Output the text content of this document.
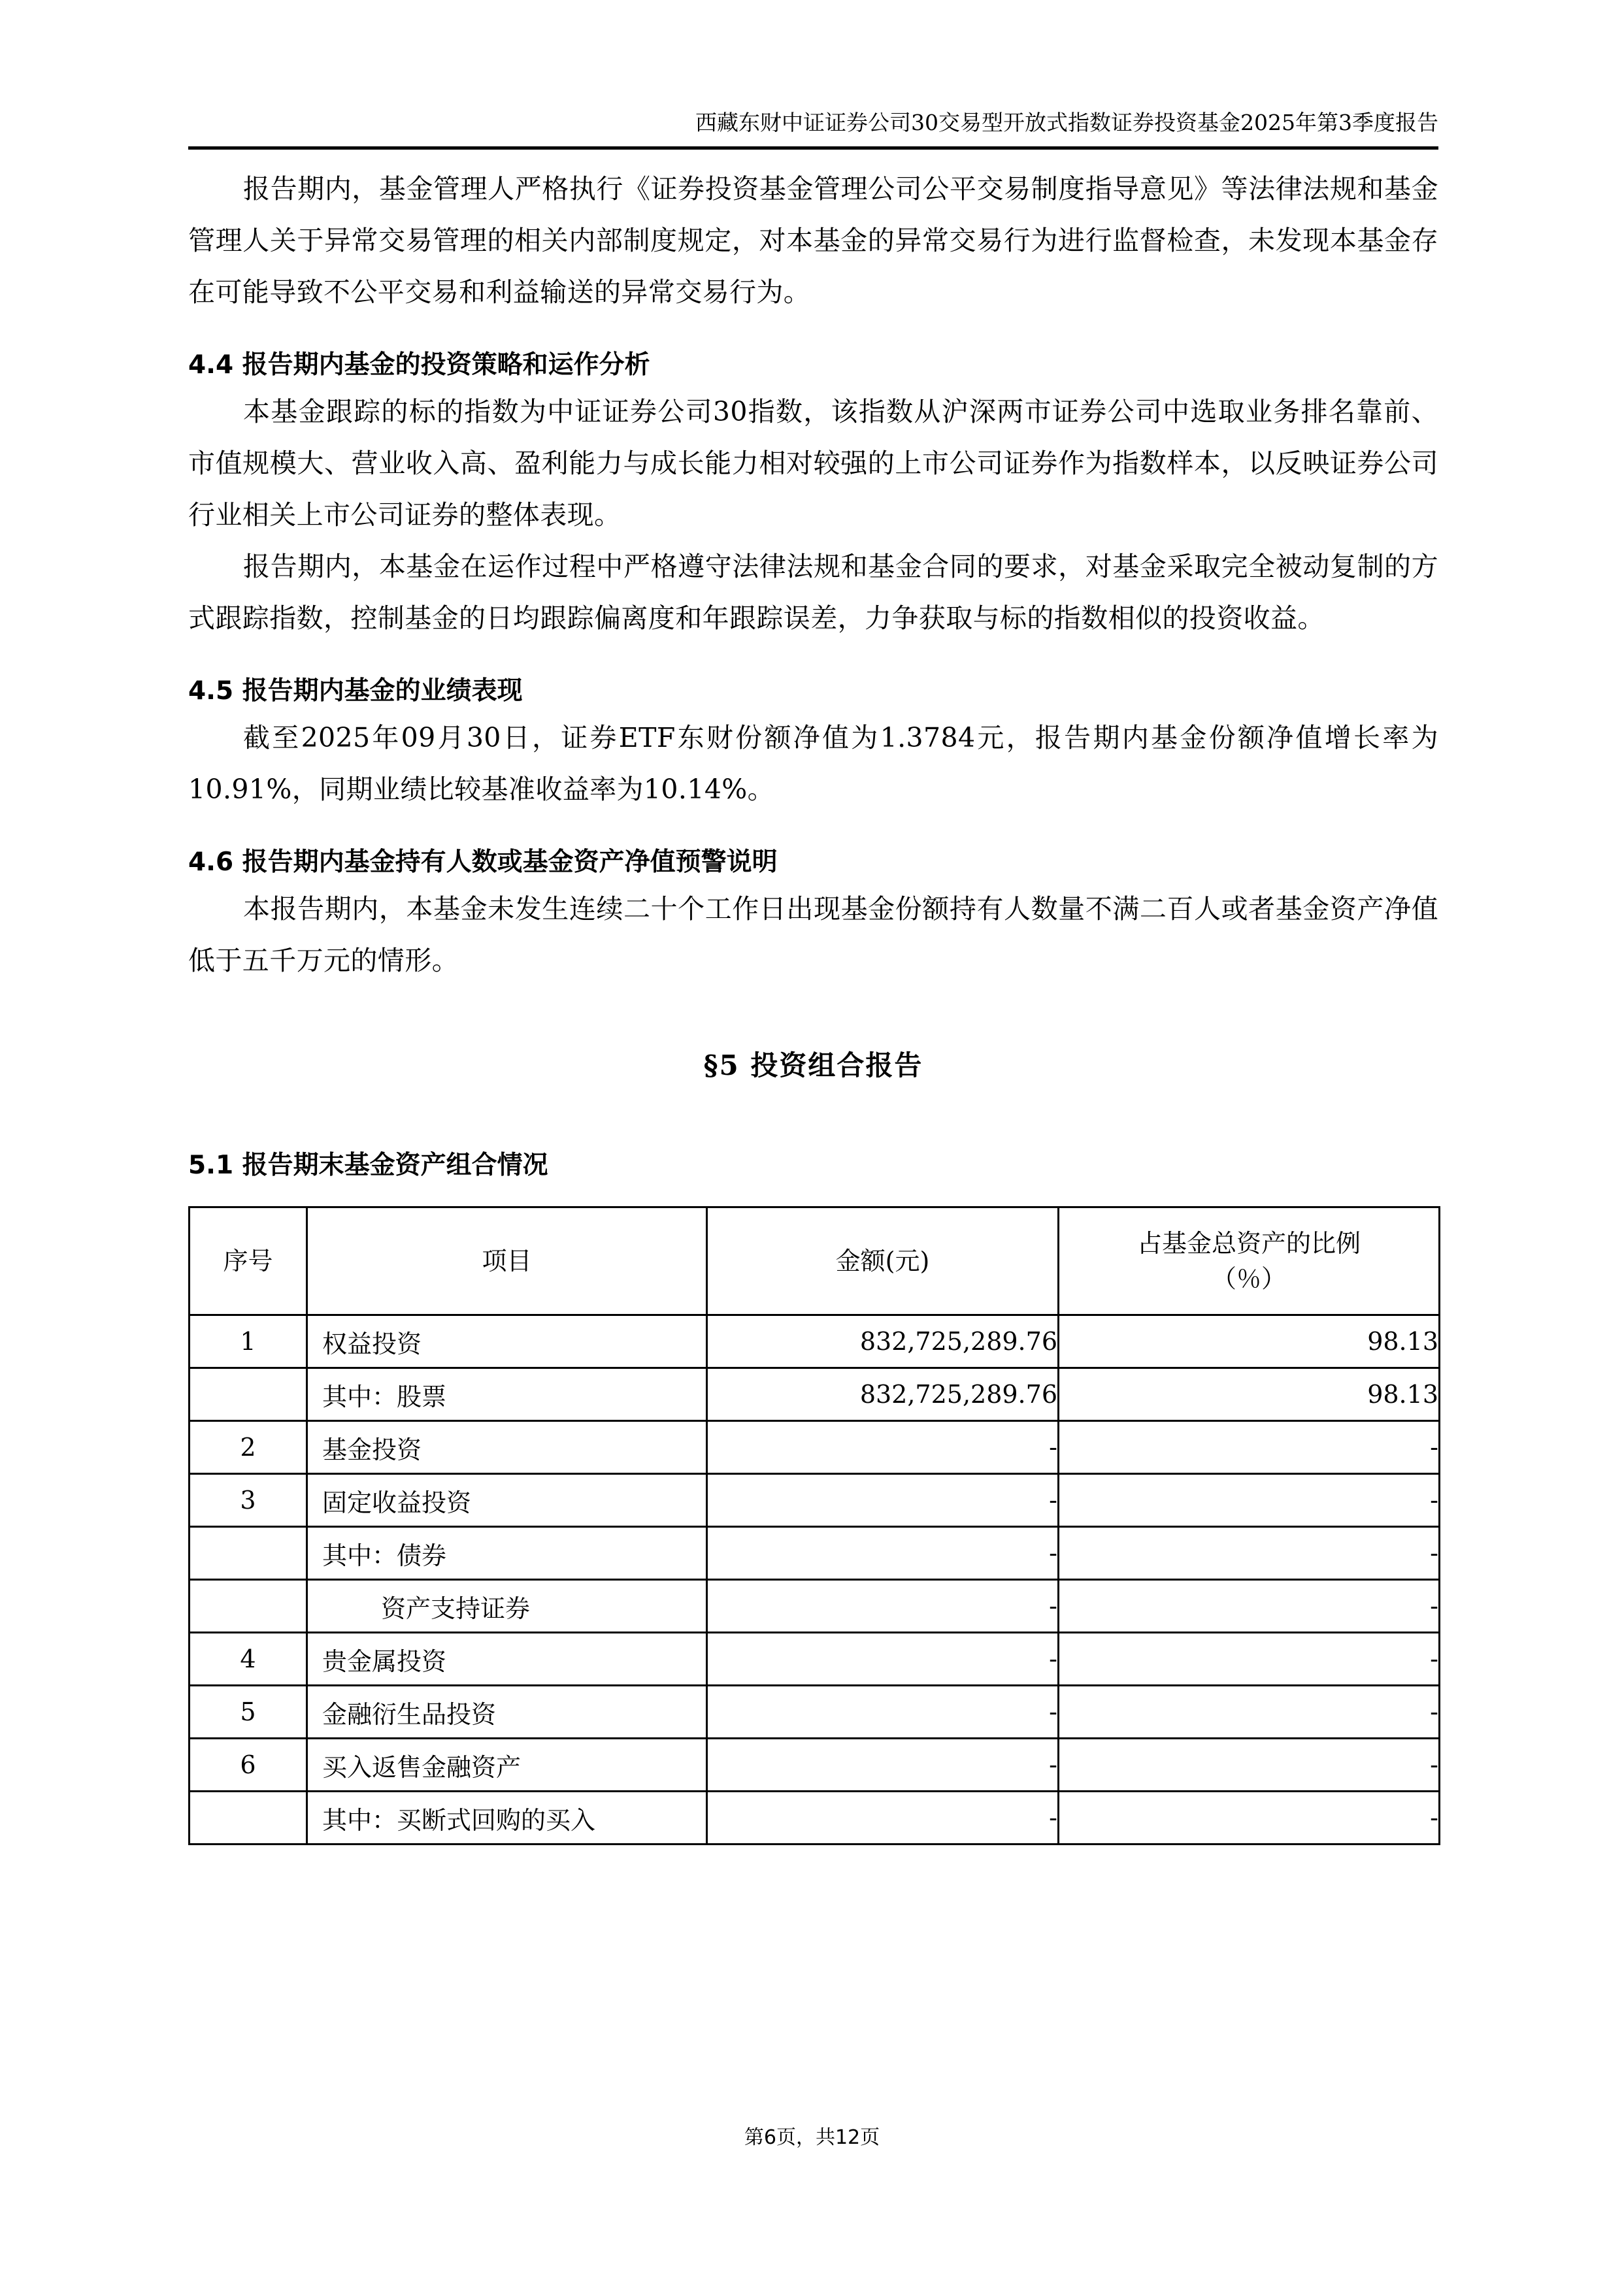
西藏东财中证证券公司30交易型开放式指数证券投资基金2025年第3季度报告

报告期内，基金管理人严格执行《证券投资基金管理公司公平交易制度指导意见》等法律法规和基金管理人关于异常交易管理的相关内部制度规定，对本基金的异常交易行为进行监督检查，未发现本基金存在可能导致不公平交易和利益输送的异常交易行为。

4.4 报告期内基金的投资策略和运作分析

本基金跟踪的标的指数为中证证券公司30指数，该指数从沪深两市证券公司中选取业务排名靠前、市值规模大、营业收入高、盈利能力与成长能力相对较强的上市公司证券作为指数样本，以反映证券公司行业相关上市公司证券的整体表现。

报告期内，本基金在运作过程中严格遵守法律法规和基金合同的要求，对基金采取完全被动复制的方式跟踪指数，控制基金的日均跟踪偏离度和年跟踪误差，力争获取与标的指数相似的投资收益。

4.5 报告期内基金的业绩表现

截至2025年09月30日，证券ETF东财份额净值为1.3784元，报告期内基金份额净值增长率为10.91%，同期业绩比较基准收益率为10.14%。

4.6 报告期内基金持有人数或基金资产净值预警说明

本报告期内，本基金未发生连续二十个工作日出现基金份额持有人数量不满二百人或者基金资产净值低于五千万元的情形。

§5 投资组合报告
5.1 报告期末基金资产组合情况
序号	项目	金额(元)	占基金总资产的比例
（％）

1	权益投资	832,725,289.76	98.13
	其中：股票	832,725,289.76	98.13
2	基金投资	-	-
3	固定收益投资	-	-
	其中：债券	-	-
	资产支持证券	-	-
4	贵金属投资	-	-
5	金融衍生品投资	-	-
6	买入返售金融资产	-	-
	其中：买断式回购的买入	-	-
第6页，共12页
